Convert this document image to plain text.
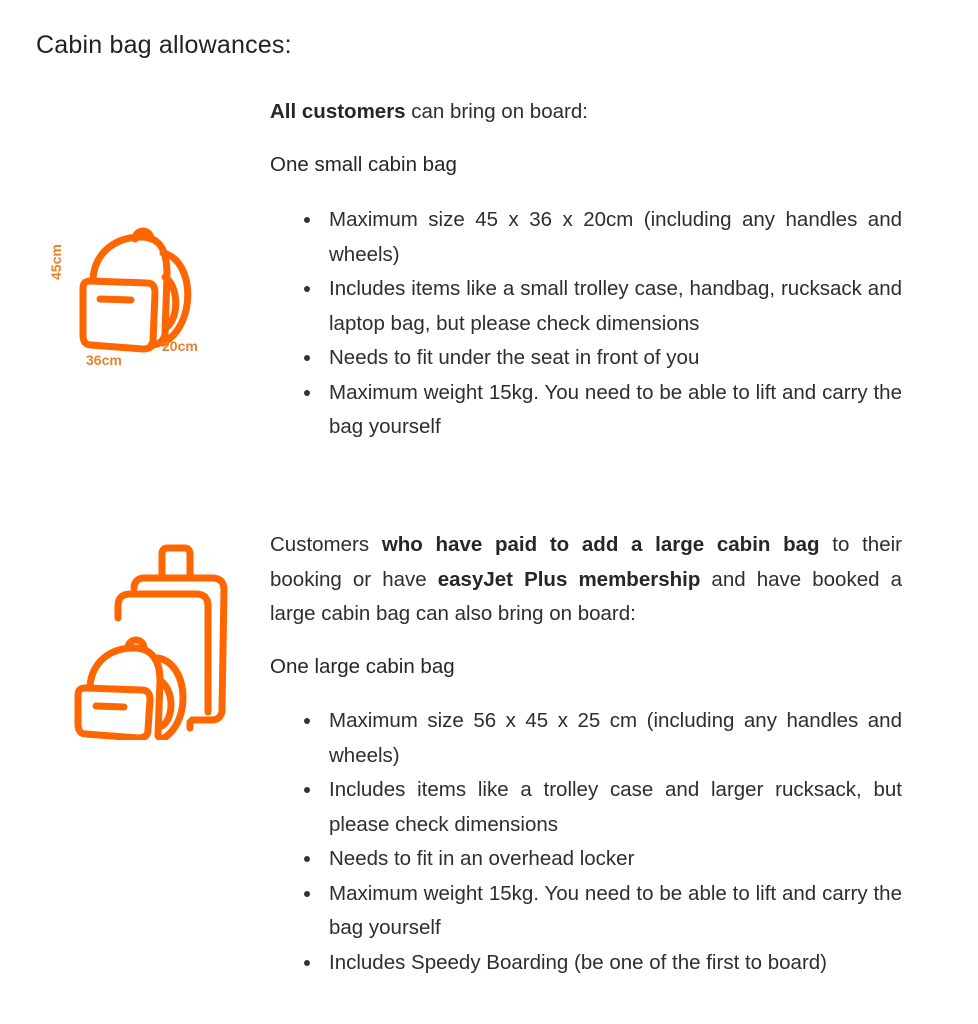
Cabin bag allowances:
45cm
36cm
20cm

All customers can bring on board:

One small cabin bag
Maximum size 45 x 36 x 20cm (including any handles and wheels)
Includes items like a small trolley case, handbag, rucksack and laptop bag, but please check dimensions
Needs to fit under the seat in front of you
Maximum weight 15kg. You need to be able to lift and carry the bag yourself

Customers who have paid to add a large cabin bag to their booking or have easyJet Plus membership and have booked a large cabin bag can also bring on board:

One large cabin bag
Maximum size 56 x 45 x 25 cm (including any handles and wheels)
Includes items like a trolley case and larger rucksack, but please check dimensions
Needs to fit in an overhead locker
Maximum weight 15kg. You need to be able to lift and carry the bag yourself
Includes Speedy Boarding (be one of the first to board)
